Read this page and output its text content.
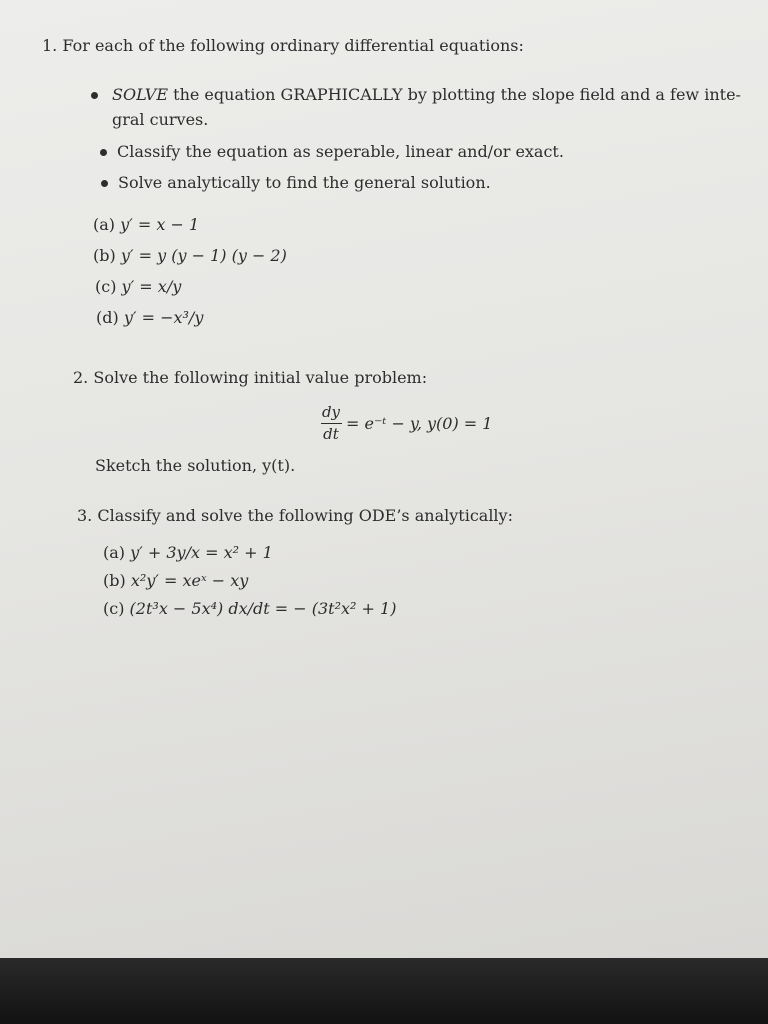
1. For each of the following ordinary differential equations:

SOLVE the equation GRAPHICALLY by plotting the slope field and a few inte-

gral curves.

Classify the equation as seperable, linear and/or exact.

Solve analytically to find the general solution.

(a) y′ = x − 1

(b) y′ = y (y − 1) (y − 2)

(c) y′ = x/y

(d) y′ = −x³/y

2. Solve the following initial value problem:

dy
dt

= e⁻ᵗ − y, y(0) = 1

Sketch the solution, y(t).

3. Classify and solve the following ODE’s analytically:

(a) y′ + 3y/x = x² + 1

(b) x²y′ = xeˣ − xy

(c) (2t³x − 5x⁴) dx/dt = − (3t²x² + 1)
